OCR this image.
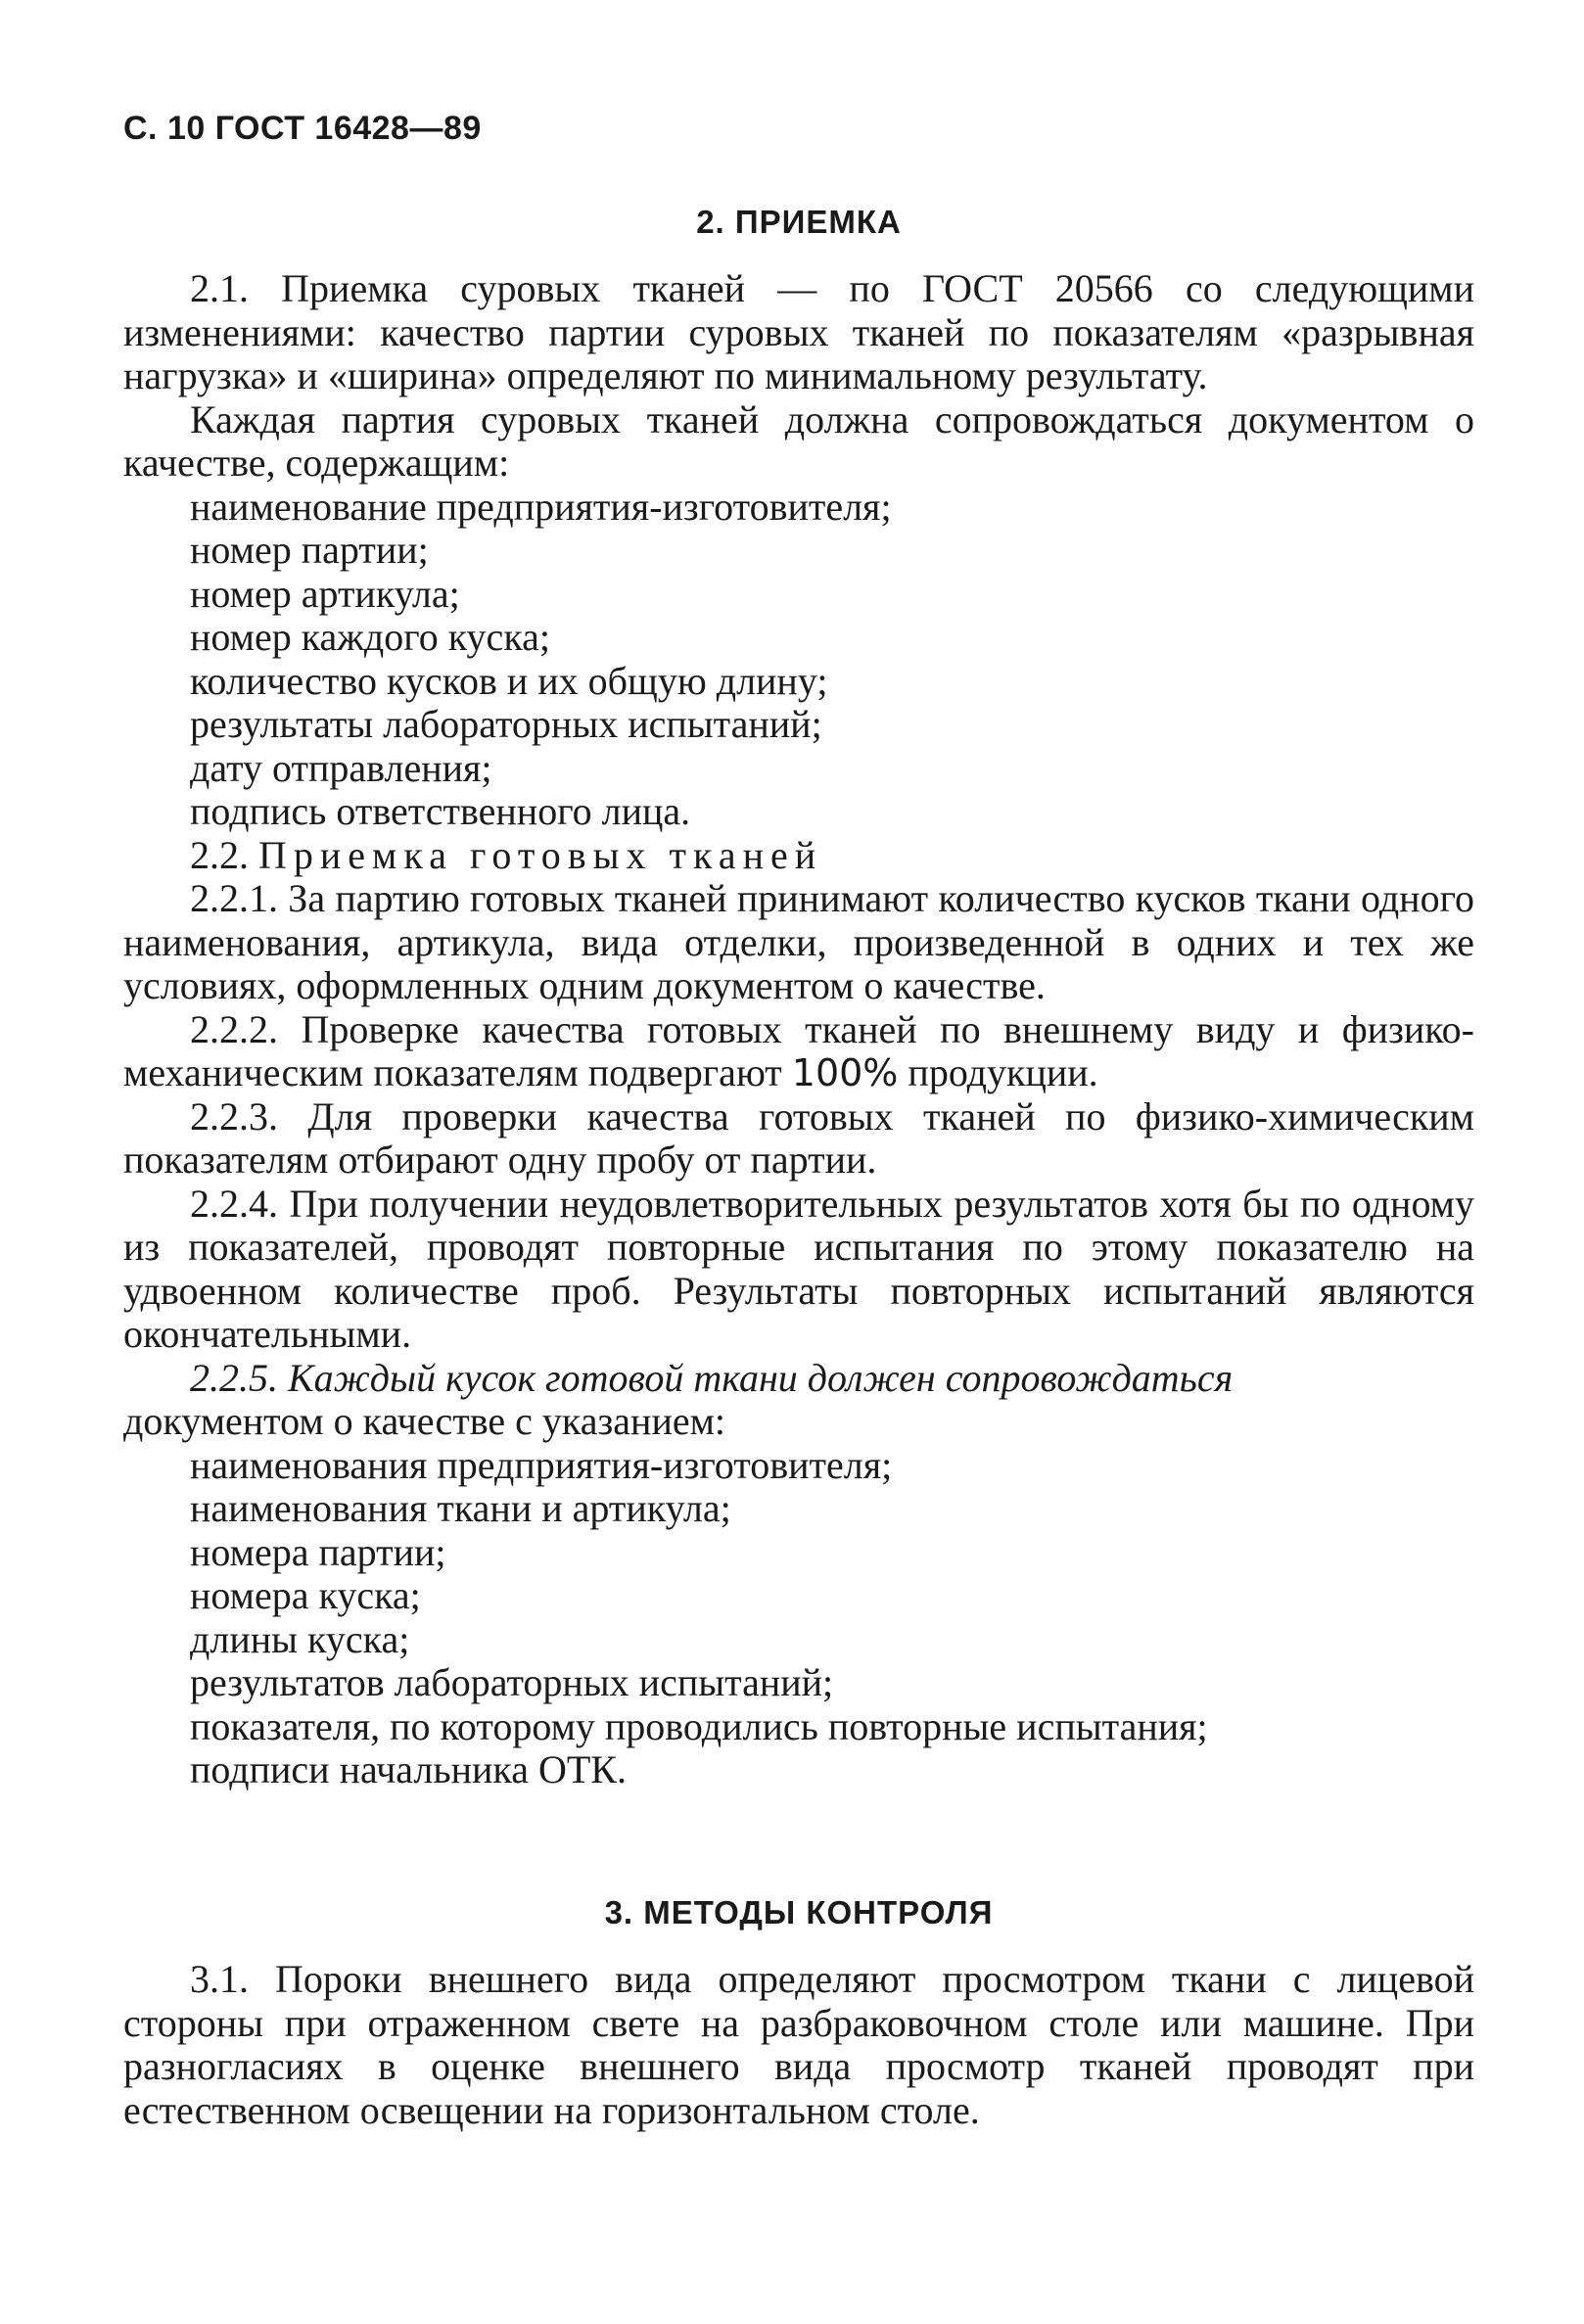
С. 10 ГОСТ 16428—89
2. ПРИЕМКА

2.1. Приемка суровых тканей — по ГОСТ 20566 со следующими изменениями: качество партии суровых тканей по показателям «разрывная нагрузка» и «ширина» определяют по минимальному результату.

Каждая партия суровых тканей должна сопровождаться документом о качестве, содержащим:

наименование предприятия-изготовителя;

номер партии;

номер артикула;

номер каждого куска;

количество кусков и их общую длину;

результаты лабораторных испытаний;

дату отправления;

подпись ответственного лица.

2.2. Приемка готовых тканей

2.2.1. За партию готовых тканей принимают количество кусков ткани одного наименования, артикула, вида отделки, произведенной в одних и тех же условиях, оформленных одним документом о качестве.

2.2.2. Проверке качества готовых тканей по внешнему виду и физико-механическим показателям подвергают 100% продукции.

2.2.3. Для проверки качества готовых тканей по физико-химическим показателям отбирают одну пробу от партии.

2.2.4. При получении неудовлетворительных результатов хотя бы по одному из показателей, проводят повторные испытания по этому показателю на удвоенном количестве проб. Результаты повторных испытаний являются окончательными.

2.2.5. Каждый кусок готовой ткани должен сопровождаться

документом о качестве с указанием:

наименования предприятия-изготовителя;

наименования ткани и артикула;

номера партии;

номера куска;

длины куска;

результатов лабораторных испытаний;

показателя, по которому проводились повторные испытания;

подписи начальника ОТК.

3. МЕТОДЫ КОНТРОЛЯ

3.1. Пороки внешнего вида определяют просмотром ткани с лицевой стороны при отраженном свете на разбраковочном столе или машине. При разногласиях в оценке внешнего вида просмотр тканей проводят при естественном освещении на горизонтальном столе.
